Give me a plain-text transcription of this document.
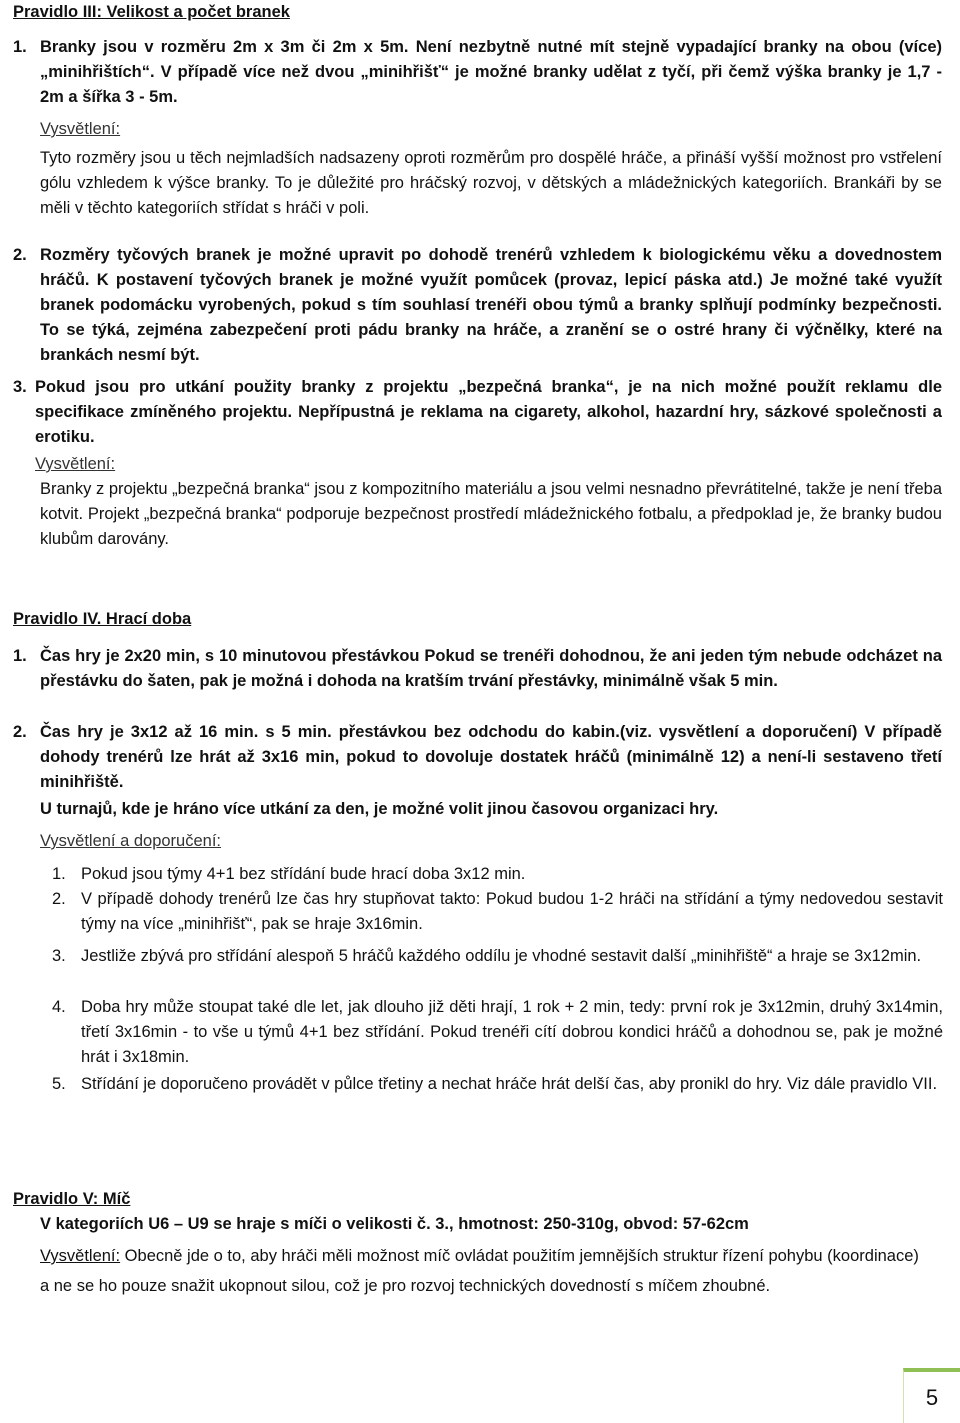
Pravidlo III: Velikost a počet branek
1. Branky jsou v rozměru 2m x 3m či 2m x 5m. Není nezbytně nutné mít stejně vypadající branky na obou (více) „minihřištích“. V případě více než dvou „minihřišť“ je možné branky udělat z tyčí, při čemž výška branky je 1,7 - 2m a šířka 3 - 5m.
Vysvětlení:
Tyto rozměry jsou u těch nejmladších nadsazeny oproti rozměrům pro dospělé hráče, a přináší vyšší možnost pro vstřelení gólu vzhledem k výšce branky. To je důležité pro hráčský rozvoj, v dětských a mládežnických kategoriích. Brankáři by se měli v těchto kategoriích střídat s hráči v poli.
2. Rozměry tyčových branek je možné upravit po dohodě trenérů vzhledem k biologickému věku a dovednostem hráčů. K postavení tyčových branek je možné využít pomůcek (provaz, lepicí páska atd.) Je možné také využít branek podomácku vyrobených, pokud s tím souhlasí trenéři obou týmů a branky splňují podmínky bezpečnosti. To se týká, zejména zabezpečení proti pádu branky na hráče, a zranění se o ostré hrany či výčnělky, které na brankách nesmí být.
3. Pokud jsou pro utkání použity branky z projektu „bezpečná branka“, je na nich možné použít reklamu dle specifikace zmíněného projektu. Nepřípustná je reklama na cigarety, alkohol, hazardní hry, sázkové společnosti a erotiku.
Vysvětlení:
Branky z projektu „bezpečná branka“ jsou z kompozitního materiálu a jsou velmi nesnadno převrátitelné, takže je není třeba kotvit. Projekt „bezpečná branka“ podporuje bezpečnost prostředí mládežnického fotbalu, a předpoklad je, že branky budou klubům darovány.
Pravidlo IV. Hrací doba
1. Čas hry je 2x20 min, s 10 minutovou přestávkou Pokud se trenéři dohodnou, že ani jeden tým nebude odcházet na přestávku do šaten, pak je možná i dohoda na kratším trvání přestávky, minimálně však 5 min.
2. Čas hry je 3x12 až 16 min. s 5 min. přestávkou bez odchodu do kabin.(viz. vysvětlení a doporučení) V případě dohody trenérů lze hrát až 3x16 min, pokud to dovoluje dostatek hráčů (minimálně 12) a není-li sestaveno třetí minihřiště.
U turnajů, kde je hráno více utkání za den, je možné volit jinou časovou organizaci hry.
Vysvětlení a doporučení:
1. Pokud jsou týmy 4+1 bez střídání bude hrací doba 3x12 min.
2. V případě dohody trenérů lze čas hry stupňovat takto: Pokud budou 1-2 hráči na střídání a týmy nedovedou sestavit týmy na více „minihřišť“, pak se hraje 3x16min.
3. Jestliže zbývá pro střídání alespoň 5 hráčů každého oddílu je vhodné sestavit další „minihřiště“ a hraje se 3x12min.
4. Doba hry může stoupat také dle let, jak dlouho již děti hrají, 1 rok + 2 min, tedy: první rok je 3x12min, druhý 3x14min, třetí 3x16min - to vše u týmů 4+1 bez střídání. Pokud trenéři cítí dobrou kondici hráčů a dohodnou se, pak je možné hrát i 3x18min.
5. Střídání je doporučeno provádět v půlce třetiny a nechat hráče hrát delší čas, aby pronikl do hry. Viz dále pravidlo VII.
Pravidlo V: Míč
V kategoriích U6 – U9 se hraje s míči o velikosti č. 3., hmotnost: 250-310g, obvod: 57-62cm
Vysvětlení: Obecně jde o to, aby hráči měli možnost míč ovládat použitím jemnějších struktur řízení pohybu (koordinace) a ne se ho pouze snažit ukopnout silou, což je pro rozvoj technických dovedností s míčem zhoubné.
5
